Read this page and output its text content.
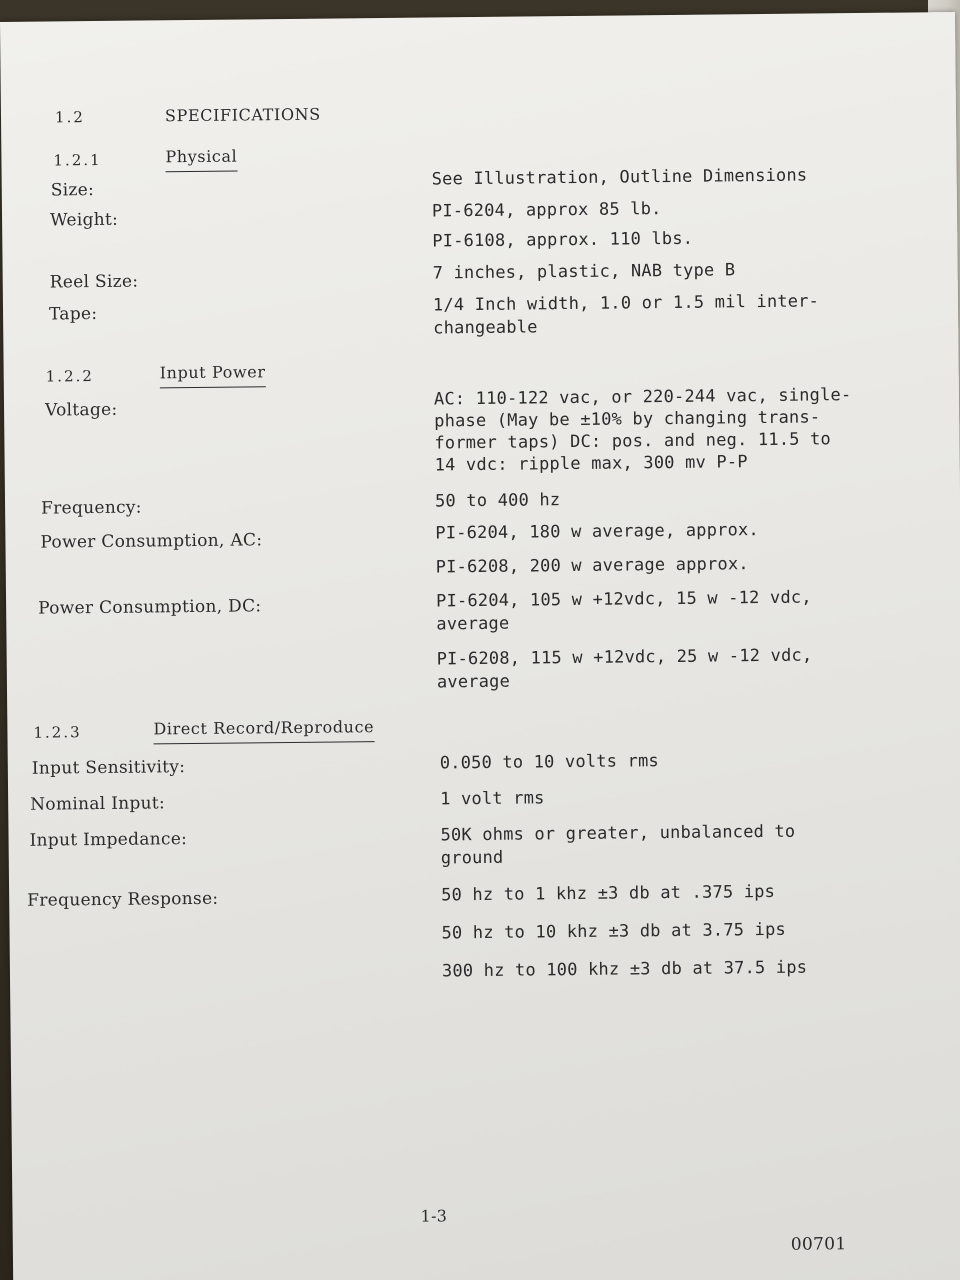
1.2	SPECIFICATIONS
1.2.1	Physical
Size:
See Illustration, Outline Dimensions
Weight:	PI-6204, approx 85 lb.
PI-6108, approx. 110 lbs.
Reel Size:	7 inches, plastic, NAB type B
Tape:	1/4 Inch width, 1.0 or 1.5 mil inter-
changeable
1.2.2	Input Power
Voltage:
AC: 110-122 vac, or 220-244 vac, single-
phase (May be ±10% by changing trans-
former taps) DC: pos. and neg. 11.5 to
14 vdc: ripple max, 300 mv P-P
Frequency:	50 to 400 hz
Power Consumption, AC:	PI-6204, 180 w average, approx.
PI-6208, 200 w average approx.
Power Consumption, DC:	PI-6204, 105 w +12vdc, 15 w -12 vdc,
average
PI-6208, 115 w +12vdc, 25 w -12 vdc,
average
1.2.3	Direct Record/Reproduce
Input Sensitivity:	0.050 to 10 volts rms
Nominal Input:	1 volt rms
Input Impedance:	50K ohms or greater, unbalanced to
ground
Frequency Response:	50 hz to 1 khz ±3 db at .375 ips
50 hz to 10 khz ±3 db at 3.75 ips
300 hz to 100 khz ±3 db at 37.5 ips
1-3
00701
